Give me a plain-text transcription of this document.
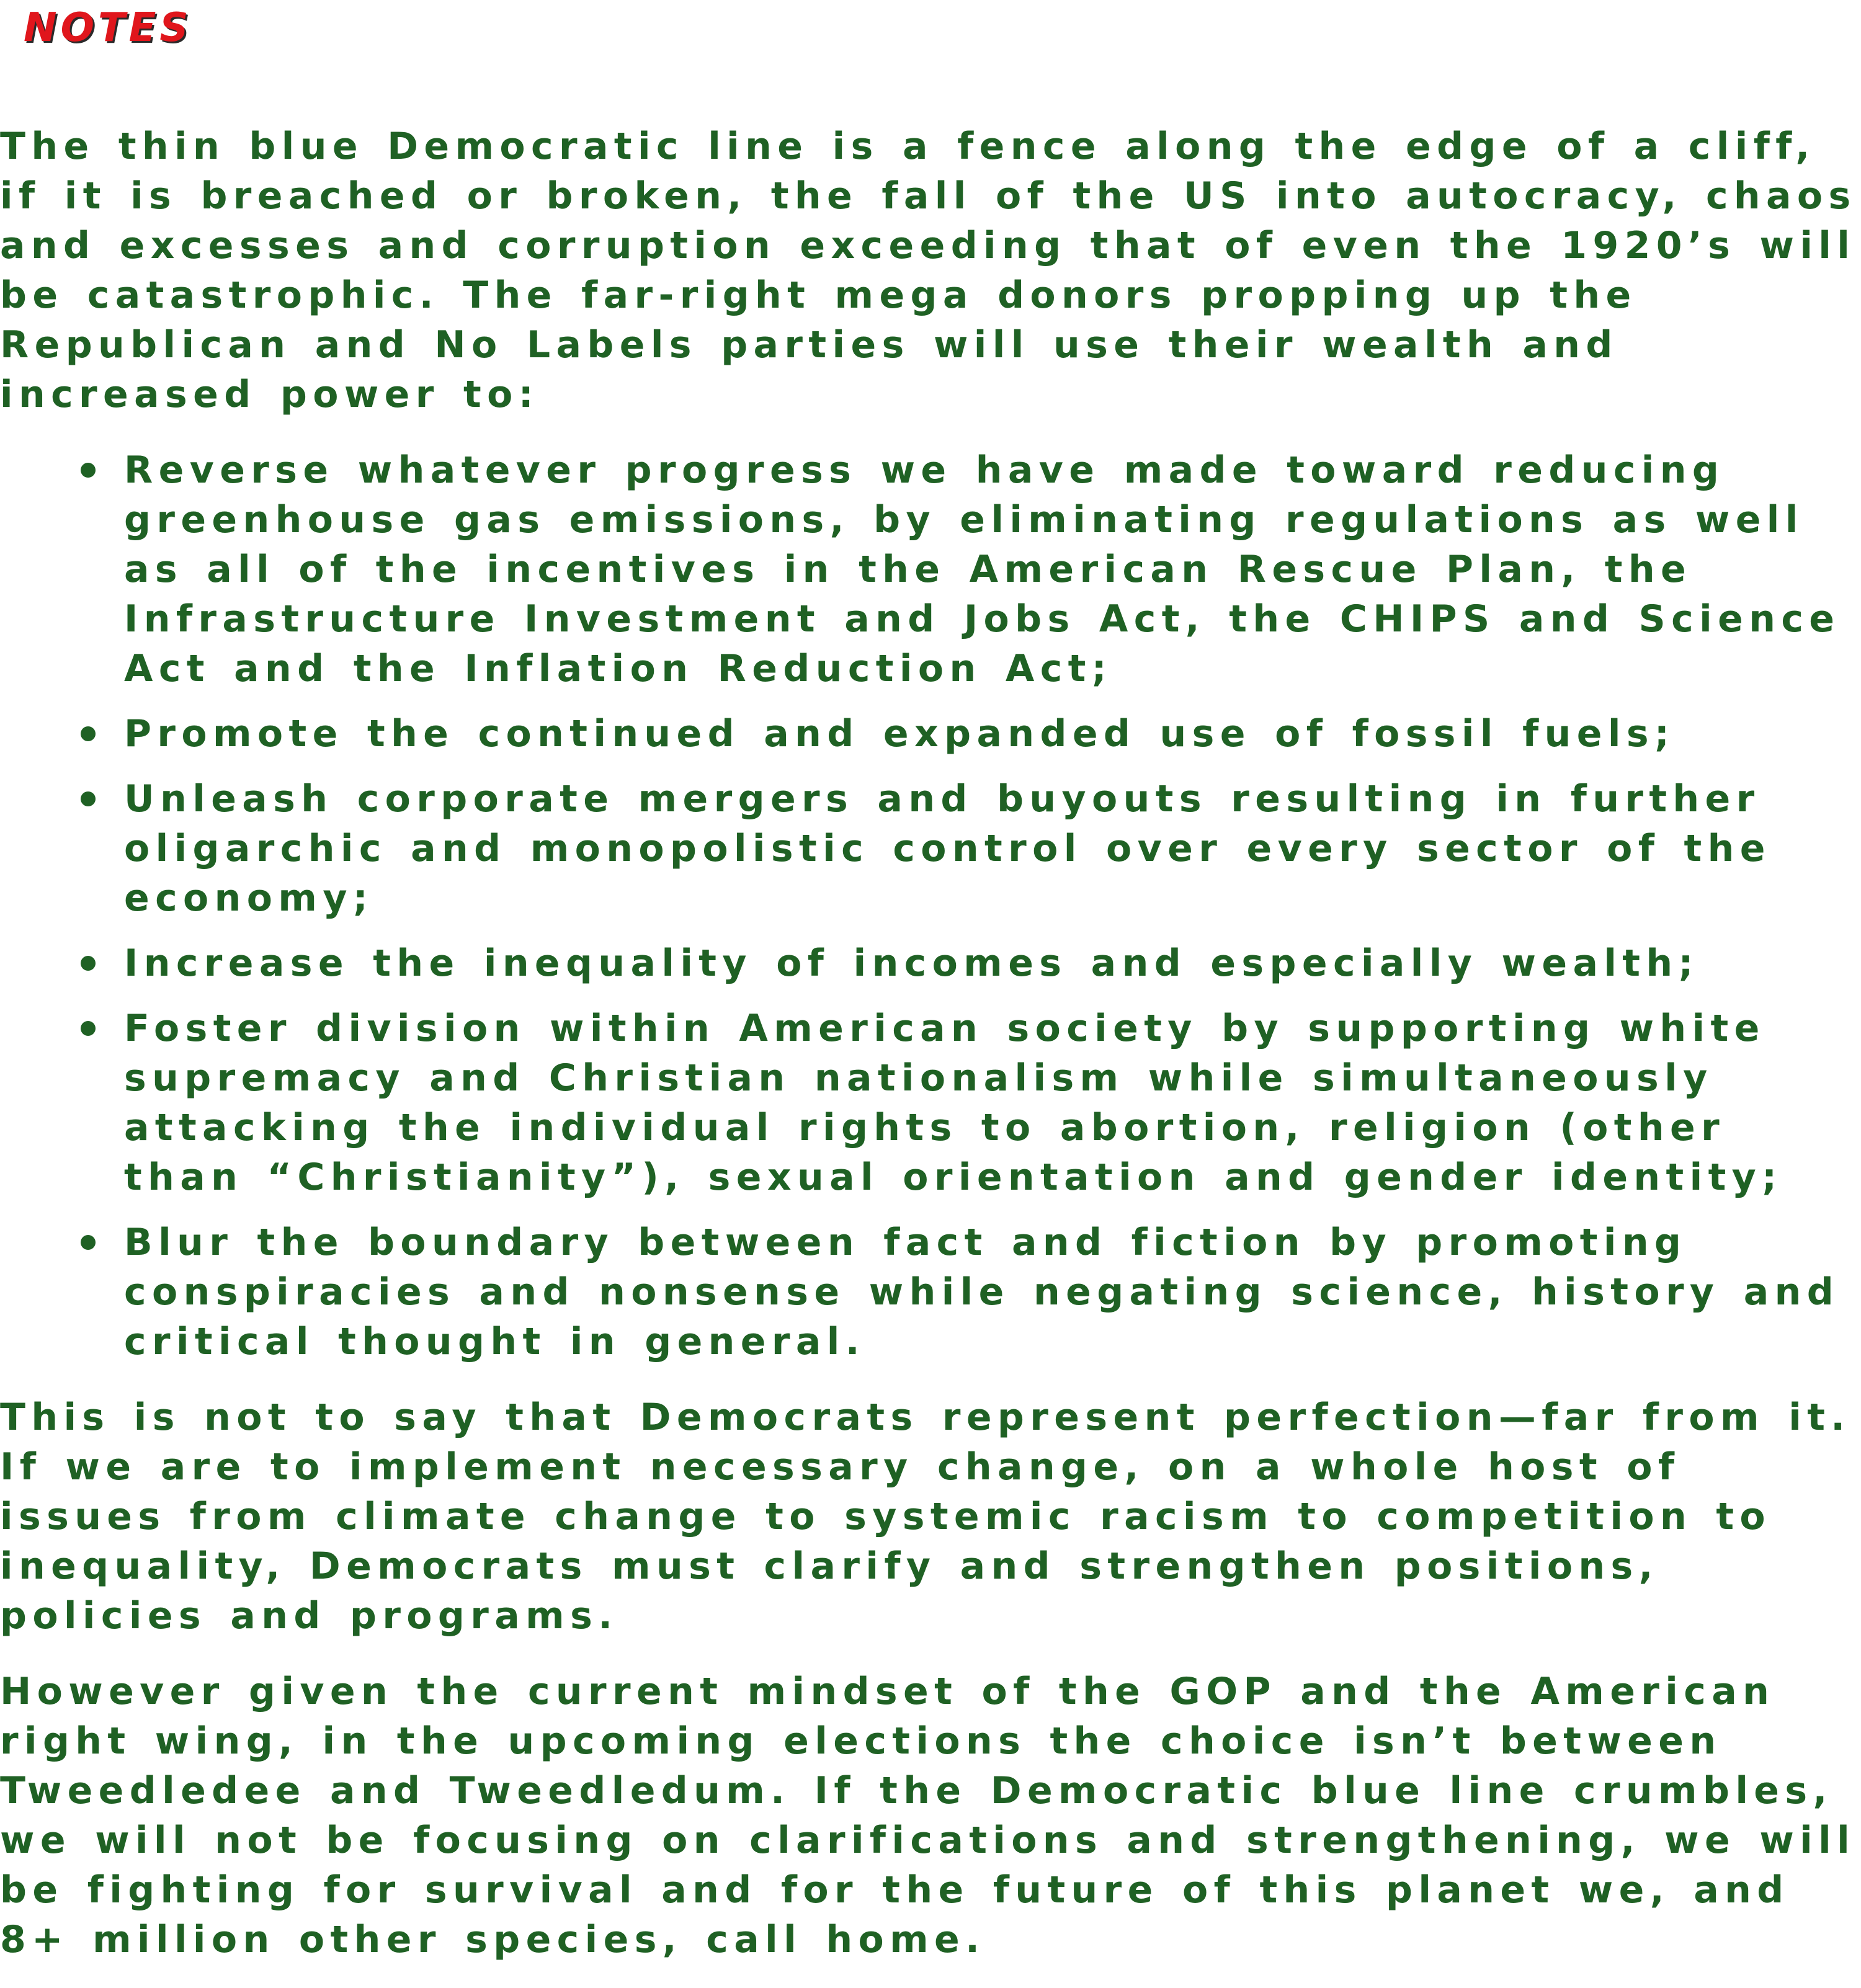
NOTES

The thin blue Democratic line is a fence along the edge of a cliff, if it is breached or broken, the fall of the US into autocracy, chaos and excesses and corruption exceeding that of even the 1920’s will be catastrophic. The far-right mega donors propping up the Republican and No Labels parties will use their wealth and increased power to:

Reverse whatever progress we have made toward reducing greenhouse gas emissions, by eliminating regulations as well as all of the incentives in the American Rescue Plan, the Infrastructure Investment and Jobs Act, the CHIPS and Science Act and the Inflation Reduction Act;
Promote the continued and expanded use of fossil fuels;
Unleash corporate mergers and buyouts resulting in further oligarchic and monopolistic control over every sector of the economy;
Increase the inequality of incomes and especially wealth;
Foster division within American society by supporting white supremacy and Christian nationalism while simultaneously attacking the individual rights to abortion, religion (other than “Christianity”), sexual orientation and gender identity;
Blur the boundary between fact and fiction by promoting conspiracies and nonsense while negating science, history and critical thought in general.

This is not to say that Democrats represent perfection—far from it. If we are to implement necessary change, on a whole host of issues from climate change to systemic racism to competition to inequality, Democrats must clarify and strengthen positions, policies and programs.

However given the current mindset of the GOP and the American right wing, in the upcoming elections the choice isn’t between Tweedledee and Tweedledum. If the Democratic blue line crumbles, we will not be focusing on clarifications and strengthening, we will be fighting for survival and for the future of this planet we, and 8+ million other species, call home.
